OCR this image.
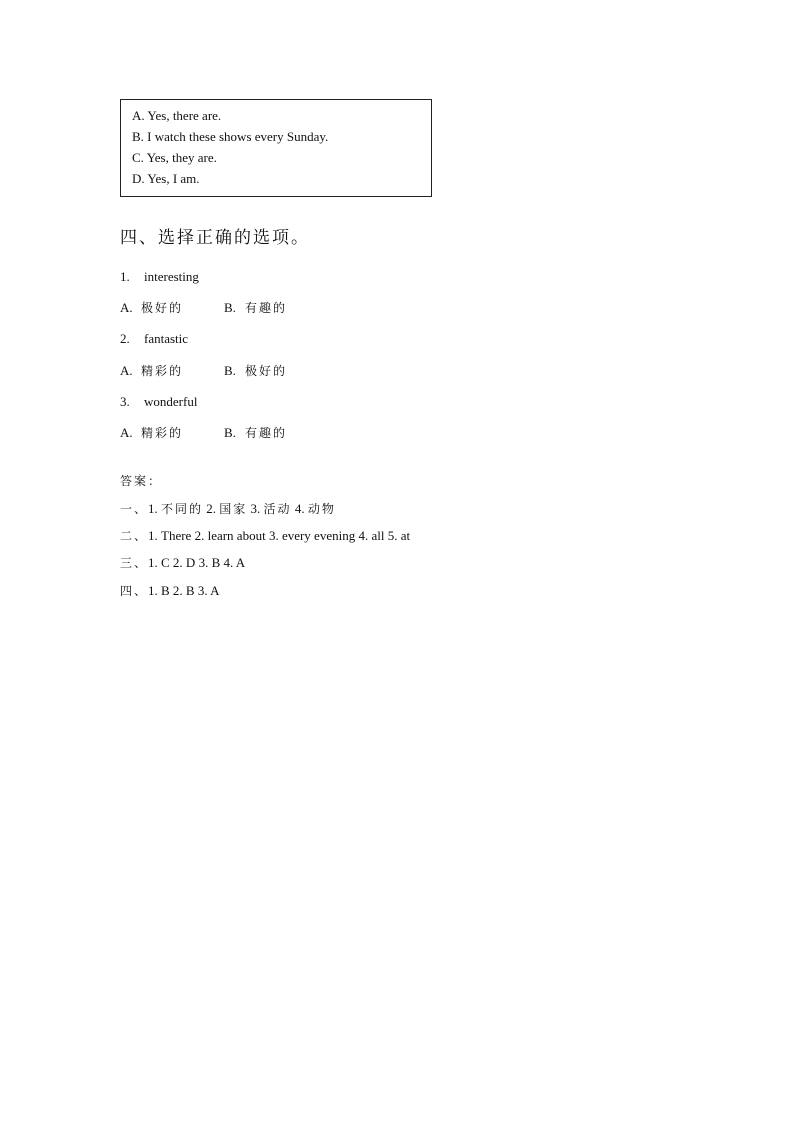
A. Yes, there are.
B. I watch these shows every Sunday.
C. Yes, they are.
D. Yes, I am.
四、选择正确的选项。
1. interesting
A. 极好的	B. 有趣的
2. fantastic
A. 精彩的	B. 极好的
3. wonderful
A. 精彩的	B. 有趣的
答案：
一、1. 不同的 2. 国家 3. 活动 4. 动物
二、1. There 2. learn about 3. every evening 4. all 5. at
三、1. C 2. D 3. B 4. A
四、1. B 2. B 3. A
